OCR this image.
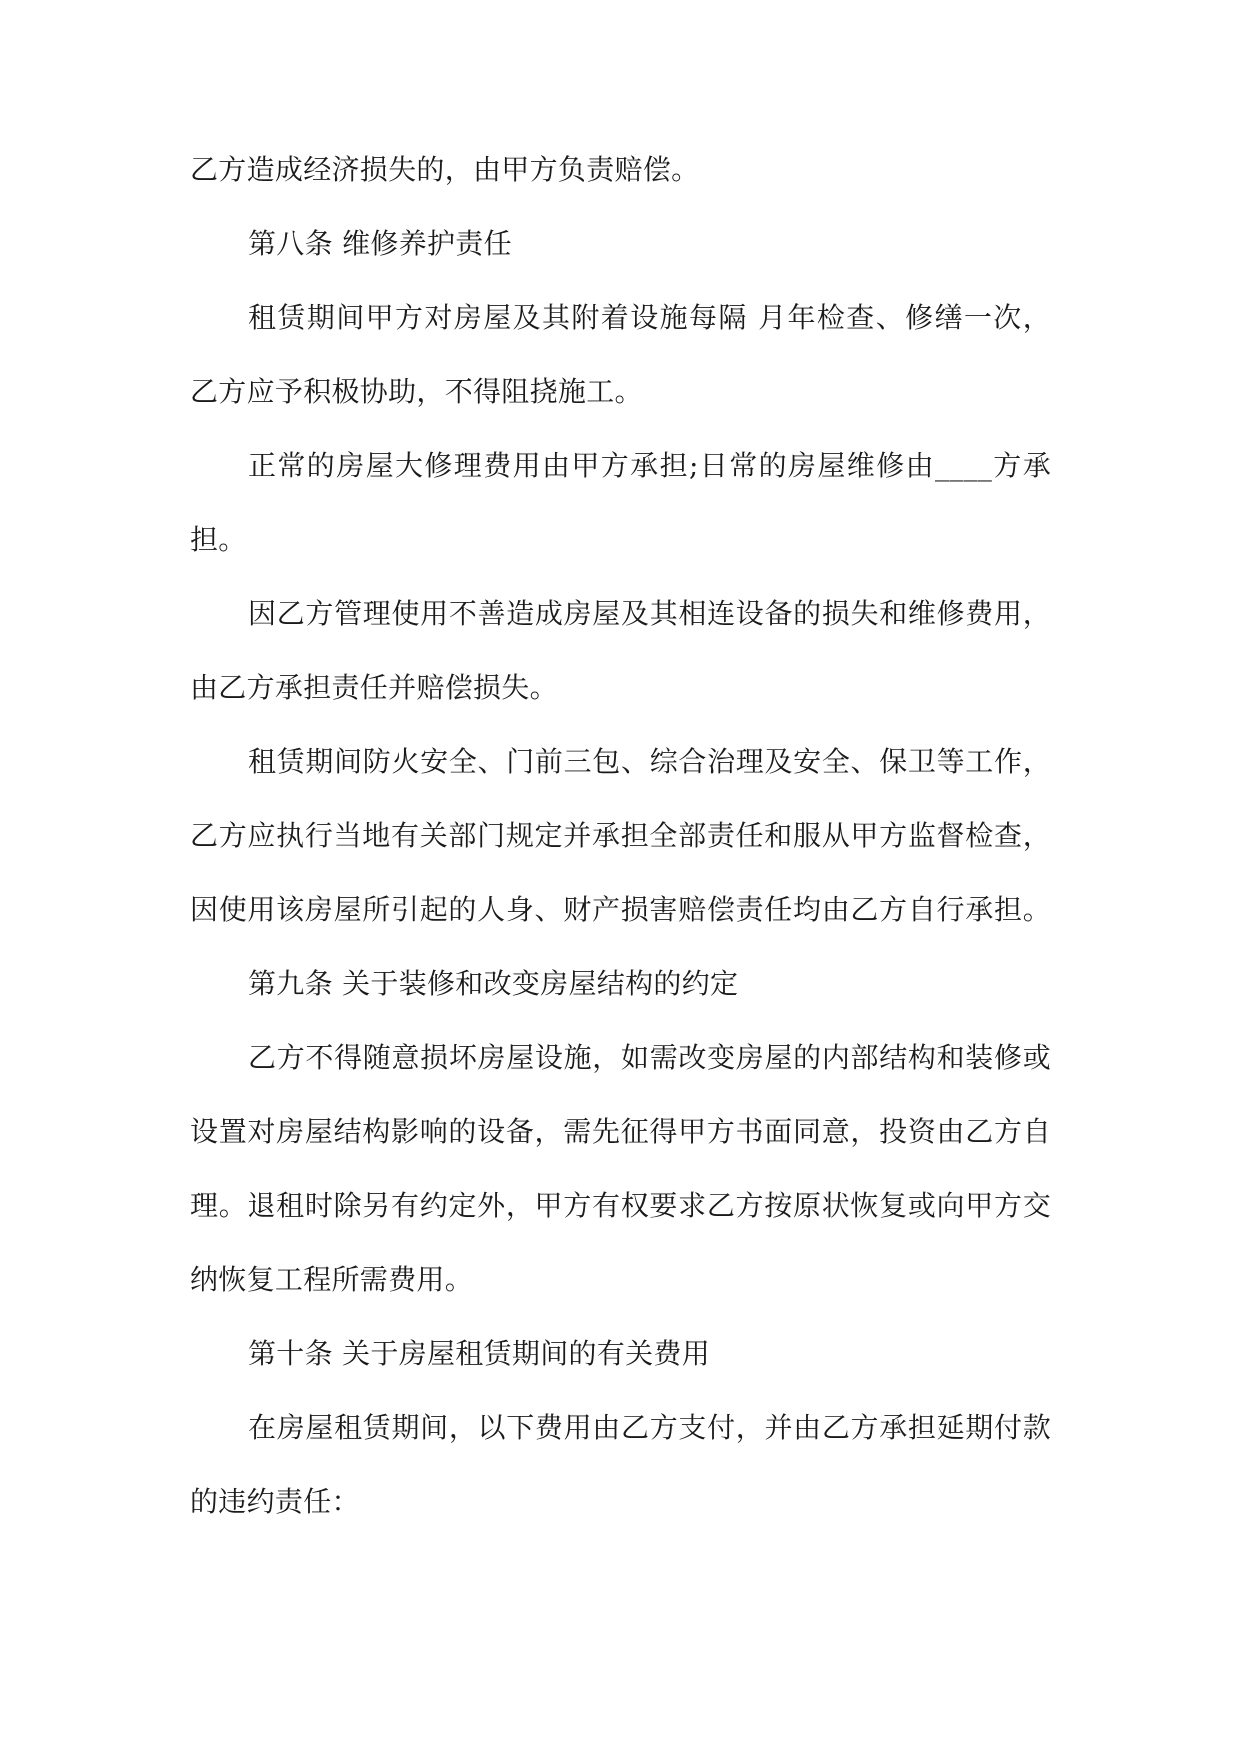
乙方造成经济损失的，由甲方负责赔偿。
第八条 维修养护责任
租赁期间甲方对房屋及其附着设施每隔 月年检查、修缮一次，
乙方应予积极协助，不得阻挠施工。
正常的房屋大修理费用由甲方承担;日常的房屋维修由____方承
担。
因乙方管理使用不善造成房屋及其相连设备的损失和维修费用，
由乙方承担责任并赔偿损失。
租赁期间防火安全、门前三包、综合治理及安全、保卫等工作，
乙方应执行当地有关部门规定并承担全部责任和服从甲方监督检查，
因使用该房屋所引起的人身、财产损害赔偿责任均由乙方自行承担。
第九条 关于装修和改变房屋结构的约定
乙方不得随意损坏房屋设施，如需改变房屋的内部结构和装修或
设置对房屋结构影响的设备，需先征得甲方书面同意，投资由乙方自
理。退租时除另有约定外，甲方有权要求乙方按原状恢复或向甲方交
纳恢复工程所需费用。
第十条 关于房屋租赁期间的有关费用
在房屋租赁期间，以下费用由乙方支付，并由乙方承担延期付款
的违约责任：
